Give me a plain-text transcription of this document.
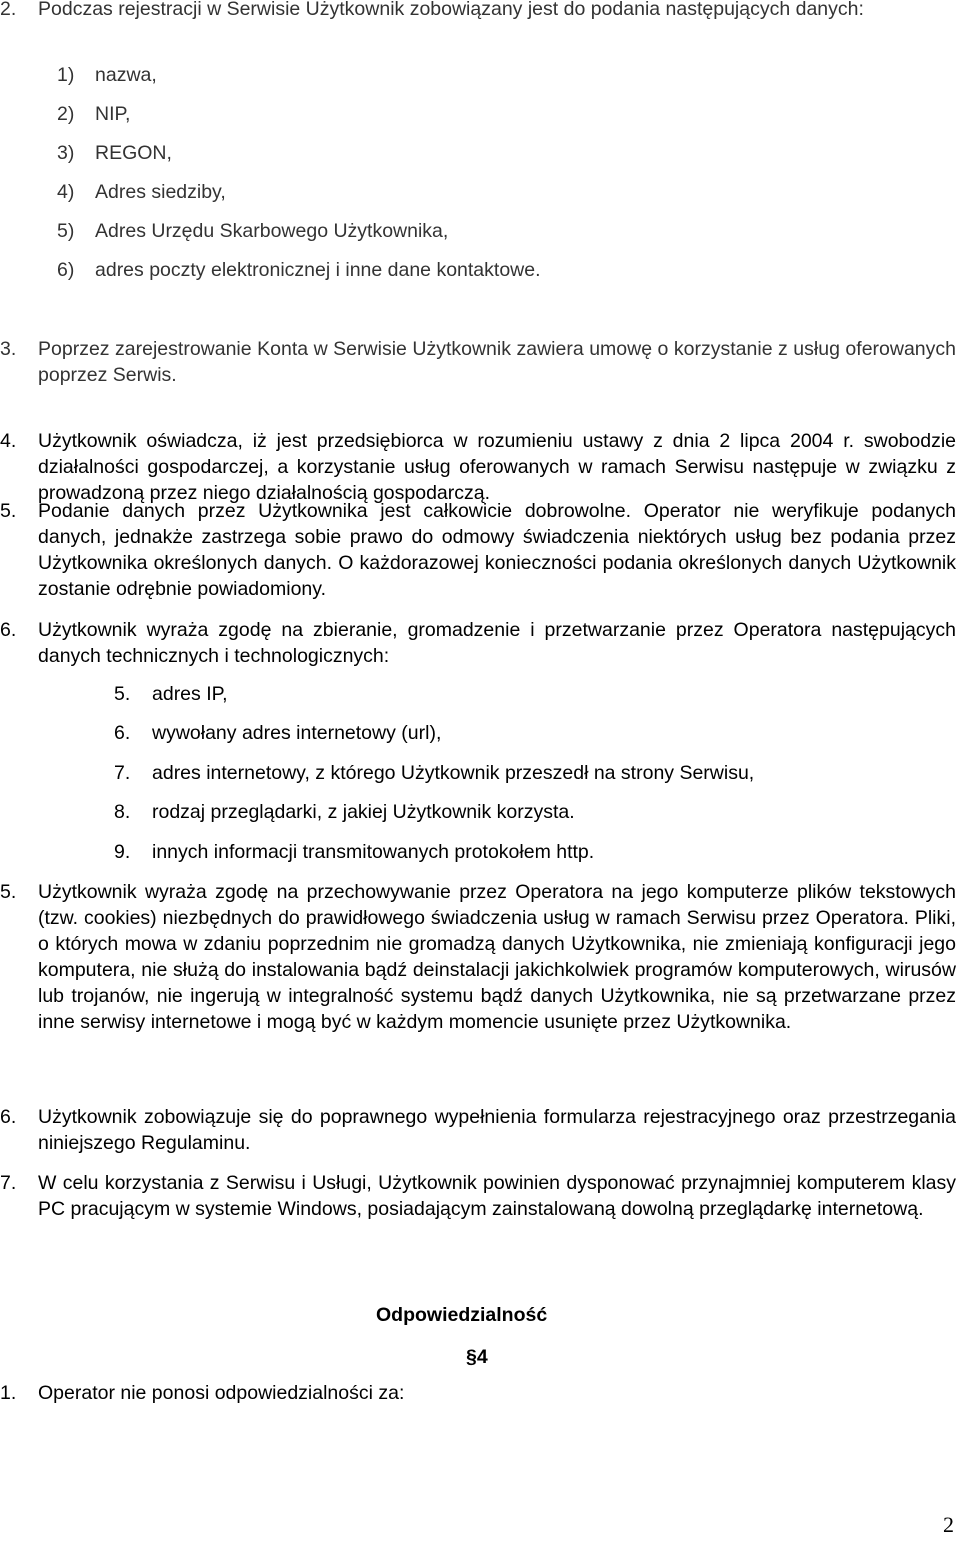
2. Podczas rejestracji w Serwisie Użytkownik zobowiązany jest do podania następujących danych:
1) nazwa,
2) NIP,
3) REGON,
4) Adres siedziby,
5) Adres Urzędu Skarbowego Użytkownika,
6) adres poczty elektronicznej i inne dane kontaktowe.
3. Poprzez zarejestrowanie Konta w Serwisie Użytkownik zawiera umowę o korzystanie z usług oferowanych poprzez Serwis.
4. Użytkownik oświadcza, iż jest przedsiębiorca w rozumieniu ustawy z dnia 2 lipca 2004 r. swobodzie działalności gospodarczej, a korzystanie usług oferowanych w ramach Serwisu następuje w związku z prowadzoną przez niego działalnością gospodarczą.
5. Podanie danych przez Użytkownika jest całkowicie dobrowolne. Operator nie weryfikuje podanych danych, jednakże zastrzega sobie prawo do odmowy świadczenia niektórych usług bez podania przez Użytkownika określonych danych. O każdorazowej konieczności podania określonych danych Użytkownik zostanie odrębnie powiadomiony.
6. Użytkownik wyraża zgodę na zbieranie, gromadzenie i przetwarzanie przez Operatora następujących danych technicznych i technologicznych:
5. adres IP,
6. wywołany adres internetowy (url),
7. adres internetowy, z którego Użytkownik przeszedł na strony Serwisu,
8. rodzaj przeglądarki, z jakiej Użytkownik korzysta.
9. innych informacji transmitowanych protokołem http.
5. Użytkownik wyraża zgodę na przechowywanie przez Operatora na jego komputerze plików tekstowych (tzw. cookies) niezbędnych do prawidłowego świadczenia usług w ramach Serwisu przez Operatora. Pliki, o których mowa w zdaniu poprzednim nie gromadzą danych Użytkownika, nie zmieniają konfiguracji jego komputera, nie służą do instalowania bądź deinstalacji jakichkolwiek programów komputerowych, wirusów lub trojanów, nie ingerują w integralność systemu bądź danych Użytkownika, nie są przetwarzane przez inne serwisy internetowe i mogą być w każdym momencie usunięte przez Użytkownika.
6. Użytkownik zobowiązuje się do poprawnego wypełnienia formularza rejestracyjnego oraz przestrzegania niniejszego Regulaminu.
7. W celu korzystania z Serwisu i Usługi, Użytkownik powinien dysponować przynajmniej komputerem klasy PC pracującym w systemie Windows, posiadającym zainstalowaną dowolną przeglądarkę internetową.
Odpowiedzialność
§4
1. Operator nie ponosi odpowiedzialności za:
2
